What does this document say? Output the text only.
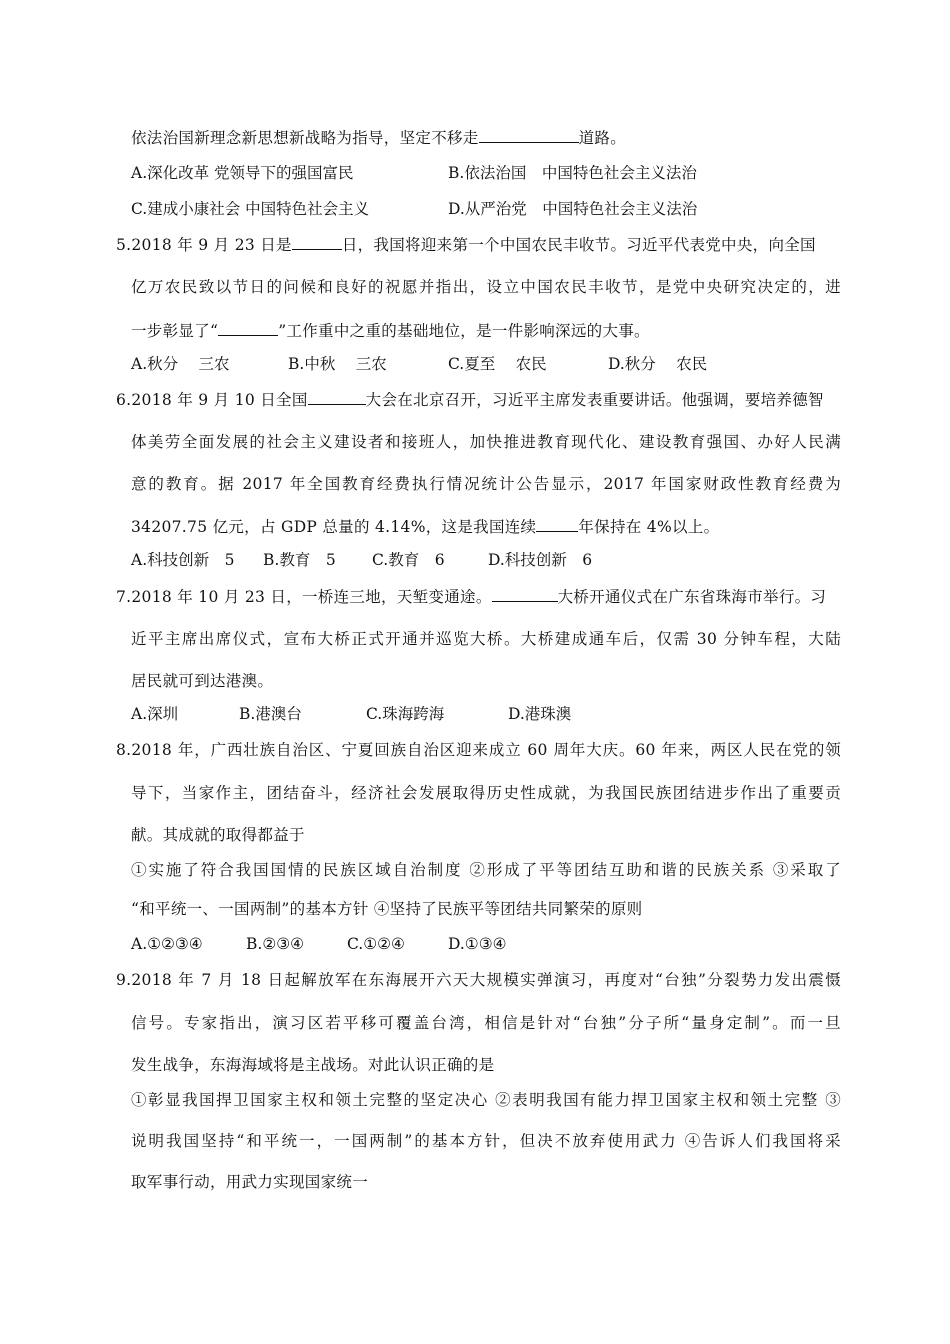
依法治国新理念新思想新战略为指导，坚定不移走	道路。
A.深化改革 党领导下的强国富民	B.依法治国　中国特色社会主义法治
C.建成小康社会 中国特色社会主义	D.从严治党　中国特色社会主义法治
5.2018 年 9 月 23 日是	日，我国将迎来第一个中国农民丰收节。习近平代表党中央，向全国
亿万农民致以节日的问候和良好的祝愿并指出，设立中国农民丰收节，是党中央研究决定的，进
一步彰显了“	”工作重中之重的基础地位，是一件影响深远的大事。
A.秋分　 三农	B.中秋　 三农	C.夏至　 农民	D.秋分　 农民
6.2018 年 9 月 10 日全国	大会在北京召开，习近平主席发表重要讲话。他强调，要培养德智
体美劳全面发展的社会主义建设者和接班人，加快推进教育现代化、建设教育强国、办好人民满
意的教育。据 2017 年全国教育经费执行情况统计公告显示，2017 年国家财政性教育经费为
34207.75 亿元，占 GDP 总量的 4.14%，这是我国连续	年保持在 4%以上。
A.科技创新　5 B.教育　5 C.教育　6	D.科技创新　6
7.2018 年 10 月 23 日，一桥连三地，天堑变通途。	大桥开通仪式在广东省珠海市举行。习
近平主席出席仪式，宣布大桥正式开通并巡览大桥。大桥建成通车后，仅需 30 分钟车程，大陆
居民就可到达港澳。
A.深圳	B.港澳台	C.珠海跨海	D.港珠澳
8.2018 年，广西壮族自治区、宁夏回族自治区迎来成立 60 周年大庆。60 年来，两区人民在党的领
导下，当家作主，团结奋斗，经济社会发展取得历史性成就，为我国民族团结进步作出了重要贡
献。其成就的取得都益于
①实施了符合我国国情的民族区域自治制度 ②形成了平等团结互助和谐的民族关系 ③采取了
“和平统一、一国两制”的基本方针 ④坚持了民族平等团结共同繁荣的原则
A.①②③④	B.②③④	C.①②④	D.①③④
9.2018 年 7 月 18 日起解放军在东海展开六天大规模实弹演习，再度对“台独”分裂势力发出震慑
信号。专家指出，演习区若平移可覆盖台湾，相信是针对“台独”分子所“量身定制”。而一旦
发生战争，东海海域将是主战场。对此认识正确的是
①彰显我国捍卫国家主权和领土完整的坚定决心 ②表明我国有能力捍卫国家主权和领土完整 ③
说明我国坚持“和平统一，一国两制”的基本方针，但决不放弃使用武力 ④告诉人们我国将采
取军事行动，用武力实现国家统一
